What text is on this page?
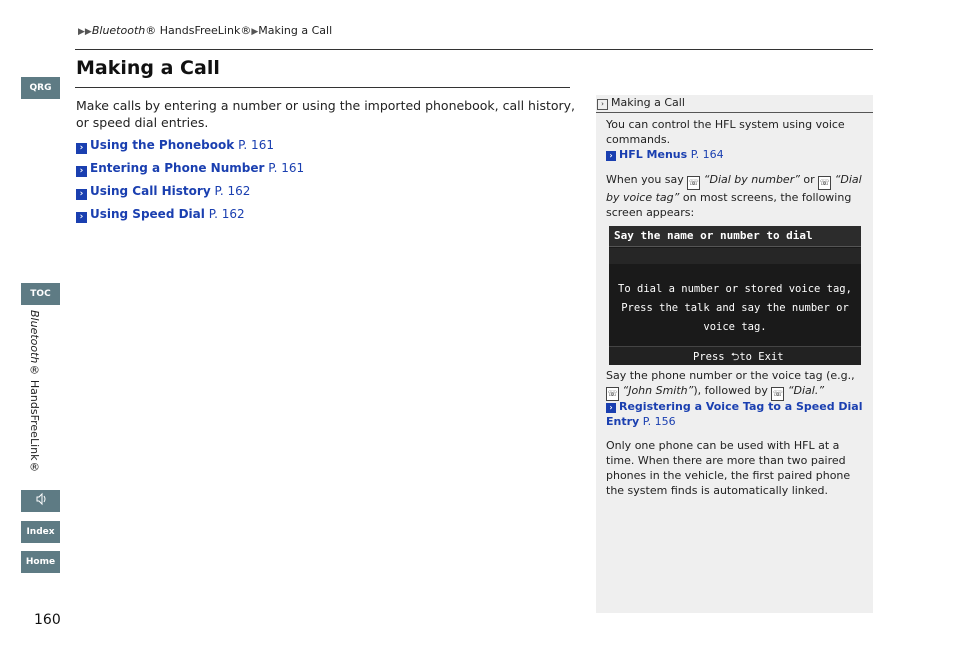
▶▶Bluetooth® HandsFreeLink®▶Making a Call
Making a Call

Make calls by entering a number or using the imported phonebook, call history, or speed dial entries.

› Using the Phonebook P. 161
› Entering a Phone Number P. 161
› Using Call History P. 162
› Using Speed Dial P. 162
QRG
TOC
Bluetooth® HandsFreeLink®
Index
Home
160
› Making a Call

You can control the HFL system using voice commands.

› HFL Menus P. 164

When you say ☏ “Dial by number” or ☏ “Dial by voice tag” on most screens, the following screen appears:

Say the name or number to dial
To dial a number or stored voice tag, Press the talk and say the number or voice tag.
Press ⮌to Exit

Say the phone number or the voice tag (e.g., ☏ “John Smith”), followed by ☏ “Dial.”

› Registering a Voice Tag to a Speed Dial Entry P. 156

Only one phone can be used with HFL at a time. When there are more than two paired phones in the vehicle, the first paired phone the system finds is automatically linked.
